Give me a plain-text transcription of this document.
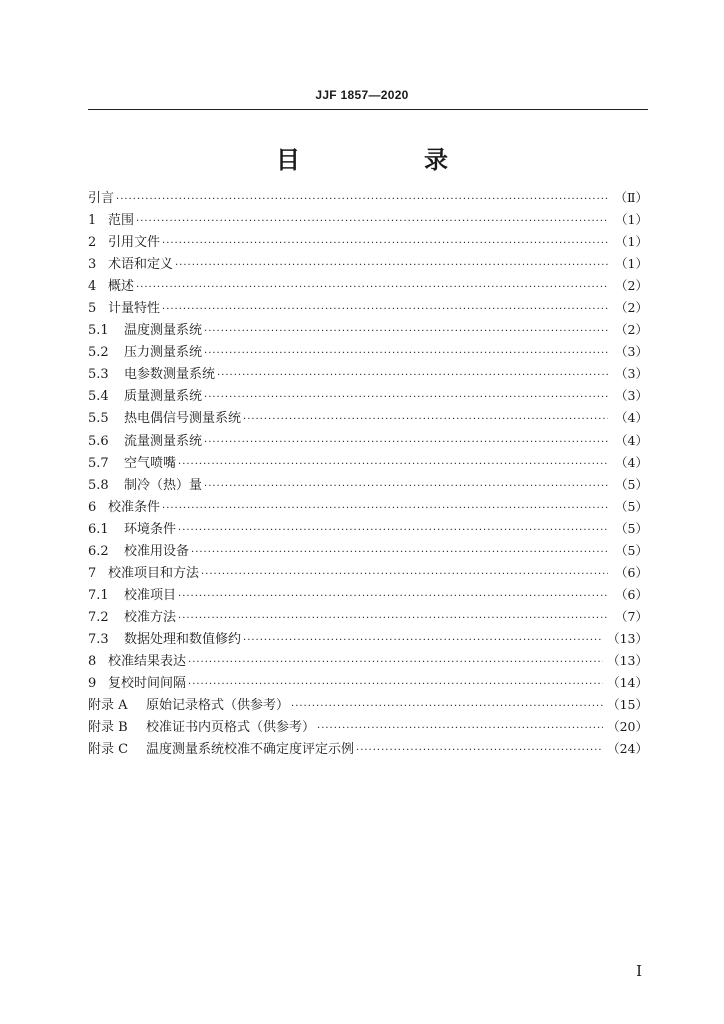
JJF 1857—2020
目　录
引言 ·····	（Ⅱ）
1 范围 ·····	（1）
2 引用文件 ·····	（1）
3 术语和定义 ·····	（1）
4 概述 ·····	（2）
5 计量特性 ·····	（2）
5.1	温度测量系统 ·····	（2）
5.2	压力测量系统 ·····	（3）
5.3	电参数测量系统 ·····	（3）
5.4	质量测量系统 ·····	（3）
5.5	热电偶信号测量系统 ·····	（4）
5.6	流量测量系统 ·····	（4）
5.7	空气喷嘴 ·····	（4）
5.8	制冷（热）量 ·····	（5）
6 校准条件 ·····	（5）
6.1	环境条件 ·····	（5）
6.2	校准用设备 ·····	（5）
7 校准项目和方法 ·····	（6）
7.1	校准项目 ·····	（6）
7.2	校准方法 ·····	（7）
7.3	数据处理和数值修约 ·····	（13）
8 校准结果表达 ·····	（13）
9 复校时间间隔 ·····	（14）
附录 A	原始记录格式（供参考） ·····	（15）
附录 B	校准证书内页格式（供参考） ·····	（20）
附录 C	温度测量系统校准不确定度评定示例 ·····	（24）
Ⅰ
